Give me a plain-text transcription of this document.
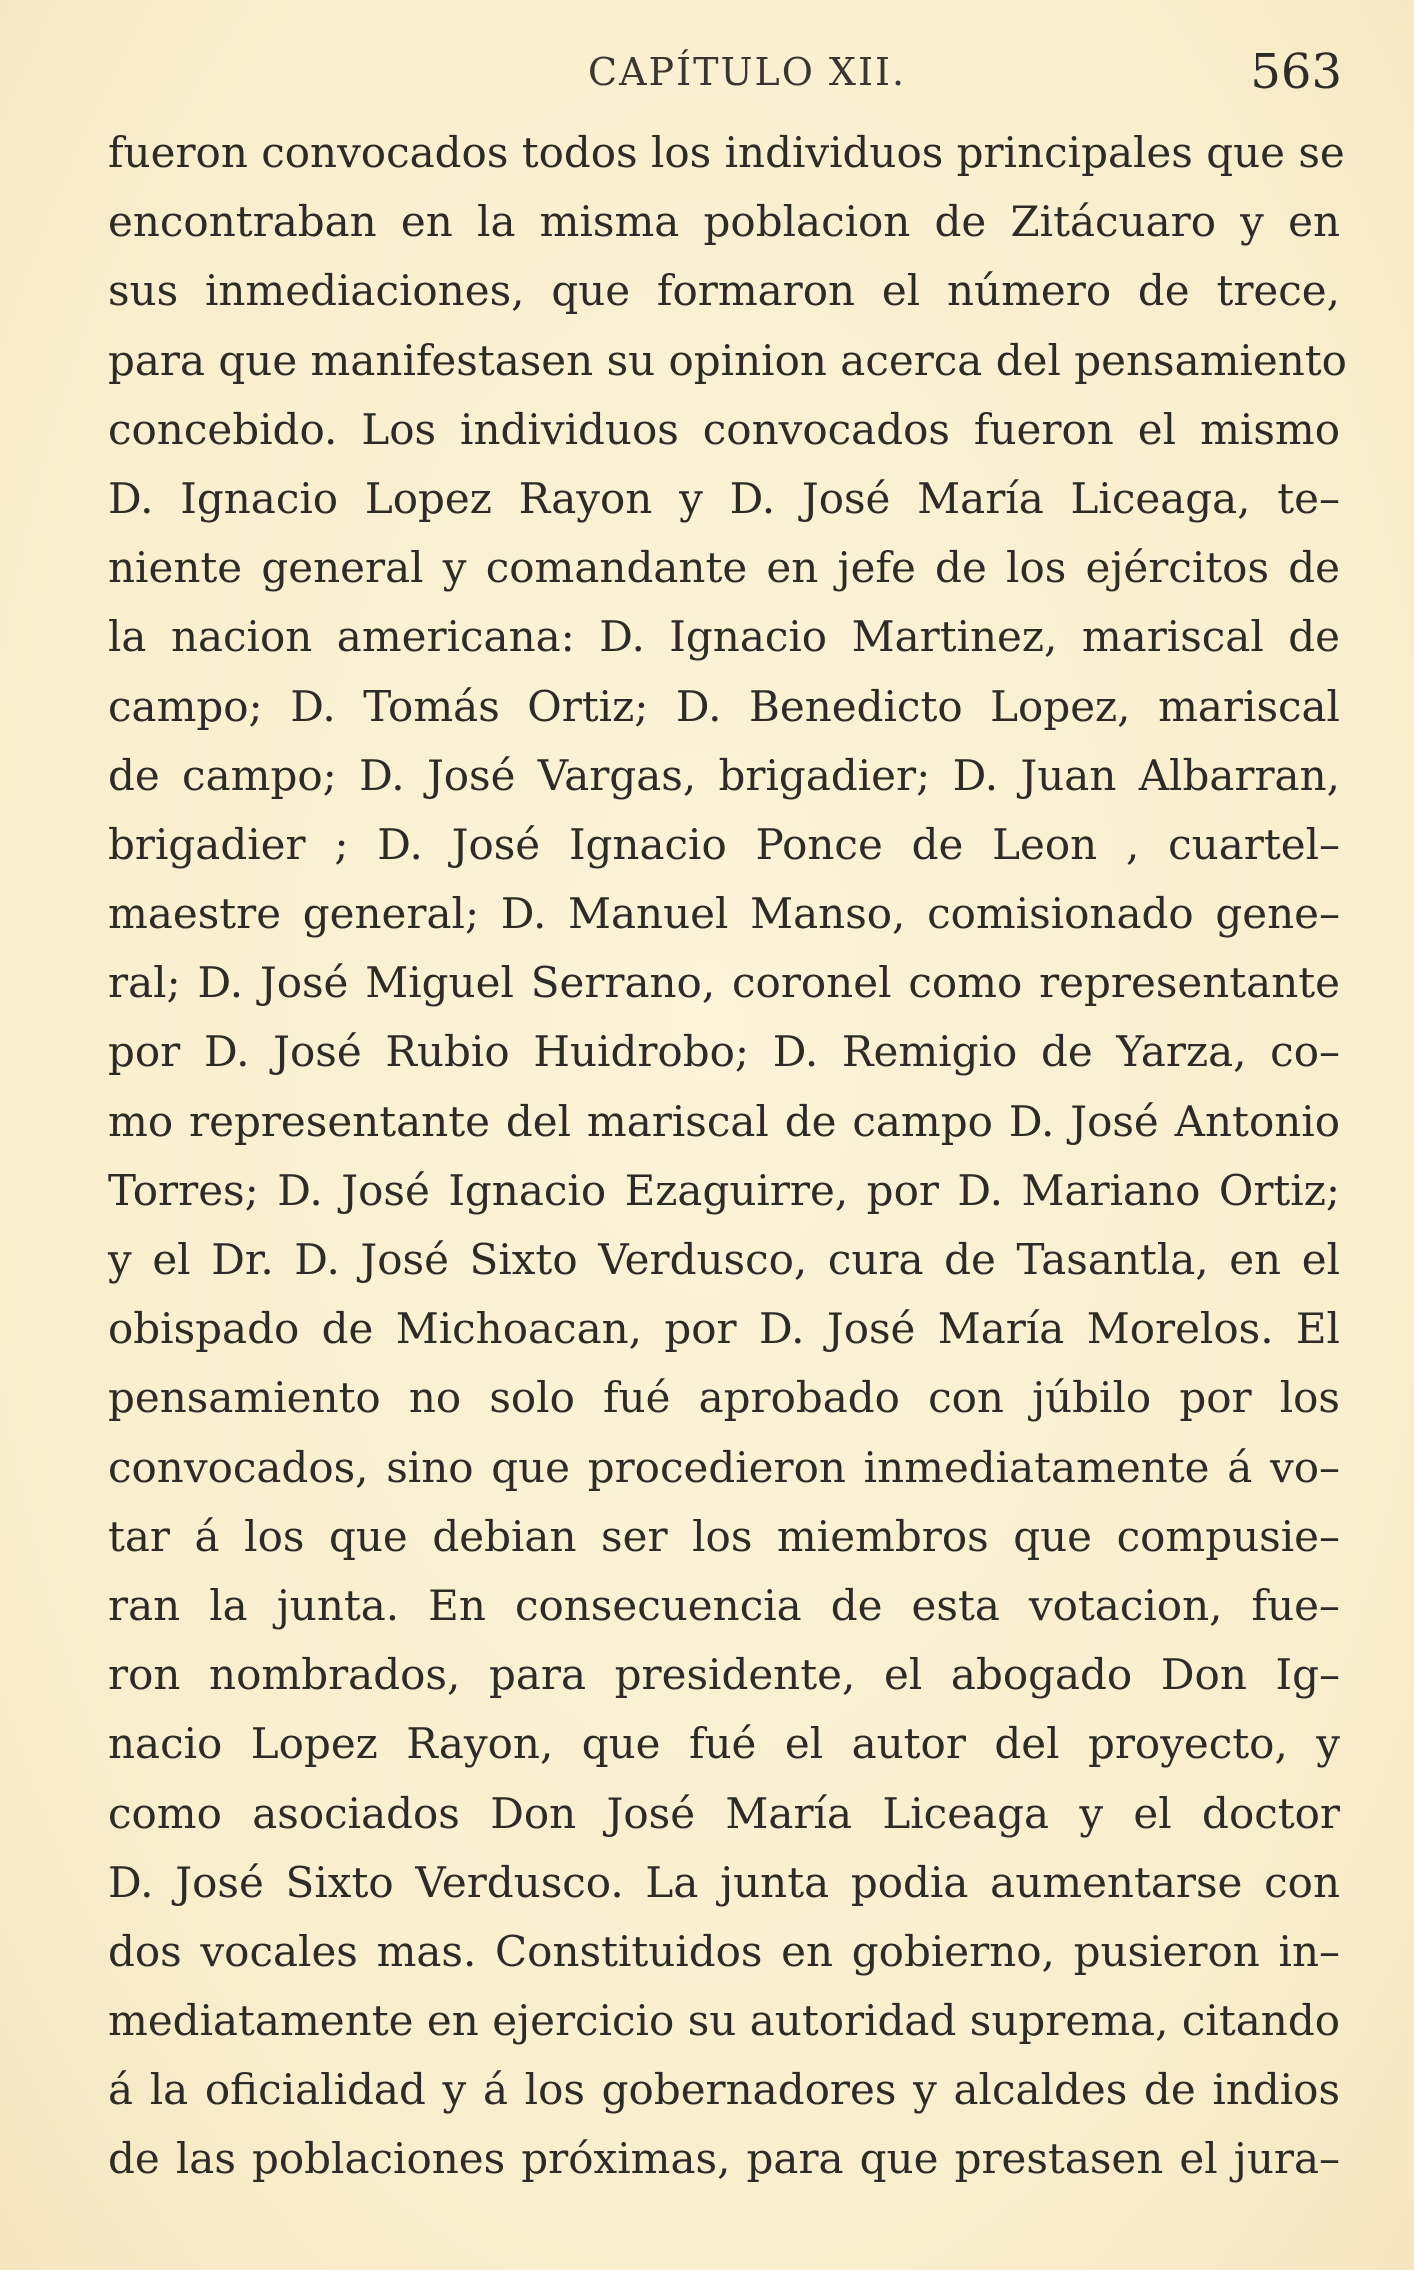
CAPÍTULO XII.	563
fueron convocados todos los individuos principales que se
encontraban en la misma poblacion de Zitácuaro y en
sus inmediaciones, que formaron el número de trece,
para que manifestasen su opinion acerca del pensamiento
concebido. Los individuos convocados fueron el mismo
D. Ignacio Lopez Rayon y D. José María Liceaga, te–
niente general y comandante en jefe de los ejércitos de
la nacion americana: D. Ignacio Martinez, mariscal de
campo; D. Tomás Ortiz; D. Benedicto Lopez, mariscal
de campo; D. José Vargas, brigadier; D. Juan Albarran,
brigadier ; D. José Ignacio Ponce de Leon , cuartel–
maestre general; D. Manuel Manso, comisionado gene–
ral; D. José Miguel Serrano, coronel como representante
por D. José Rubio Huidrobo; D. Remigio de Yarza, co–
mo representante del mariscal de campo D. José Antonio
Torres; D. José Ignacio Ezaguirre, por D. Mariano Ortiz;
y el Dr. D. José Sixto Verdusco, cura de Tasantla, en el
obispado de Michoacan, por D. José María Morelos. El
pensamiento no solo fué aprobado con júbilo por los
convocados, sino que procedieron inmediatamente á vo–
tar á los que debian ser los miembros que compusie–
ran la junta. En consecuencia de esta votacion, fue–
ron nombrados, para presidente, el abogado Don Ig–
nacio Lopez Rayon, que fué el autor del proyecto, y
como asociados Don José María Liceaga y el doctor
D. José Sixto Verdusco. La junta podia aumentarse con
dos vocales mas. Constituidos en gobierno, pusieron in–
mediatamente en ejercicio su autoridad suprema, citando
á la oficialidad y á los gobernadores y alcaldes de indios
de las poblaciones próximas, para que prestasen el jura–
